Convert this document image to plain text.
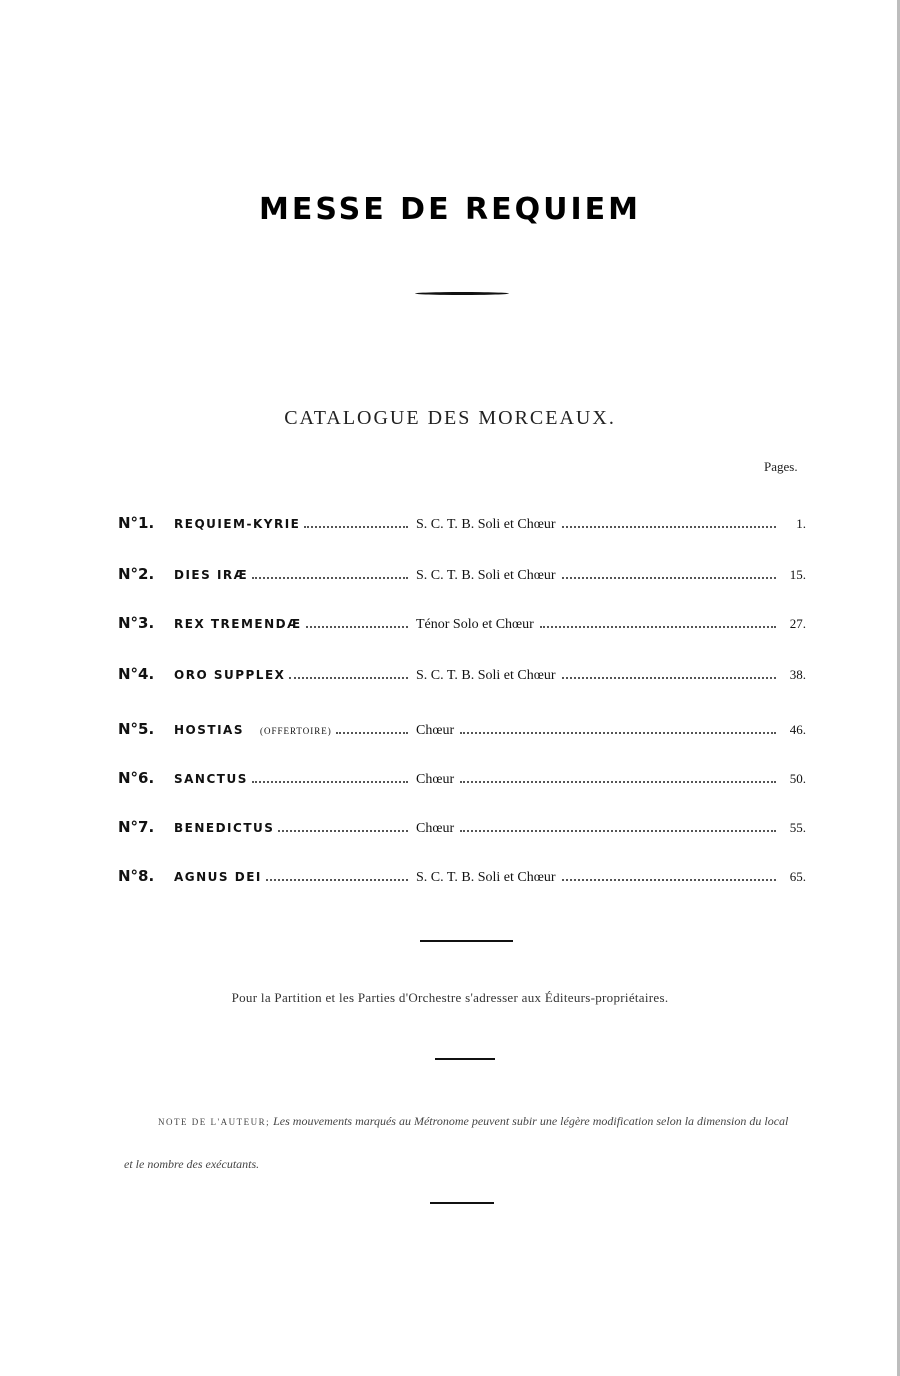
MESSE DE REQUIEM
CATALOGUE DES MORCEAUX.
Pages.
N°1.	REQUIEM-KYRIE	S. C. T. B. Soli et Chœur	1.
N°2.	DIES IRÆ	S. C. T. B. Soli et Chœur	15.
N°3.	REX TREMENDÆ	Ténor Solo et Chœur	27.
N°4.	ORO SUPPLEX	S. C. T. B. Soli et Chœur	38.
N°5.	HOSTIAS (OFFERTOIRE)	Chœur	46.
N°6.	SANCTUS	Chœur	50.
N°7.	BENEDICTUS	Chœur	55.
N°8.	AGNUS DEI	S. C. T. B. Soli et Chœur	65.
Pour la Partition et les Parties d'Orchestre s'adresser aux Éditeurs-propriétaires.
NOTE DE L'AUTEUR; Les mouvements marqués au Métronome peuvent subir une légère modification selon la dimension du local et le nombre des exécutants.
